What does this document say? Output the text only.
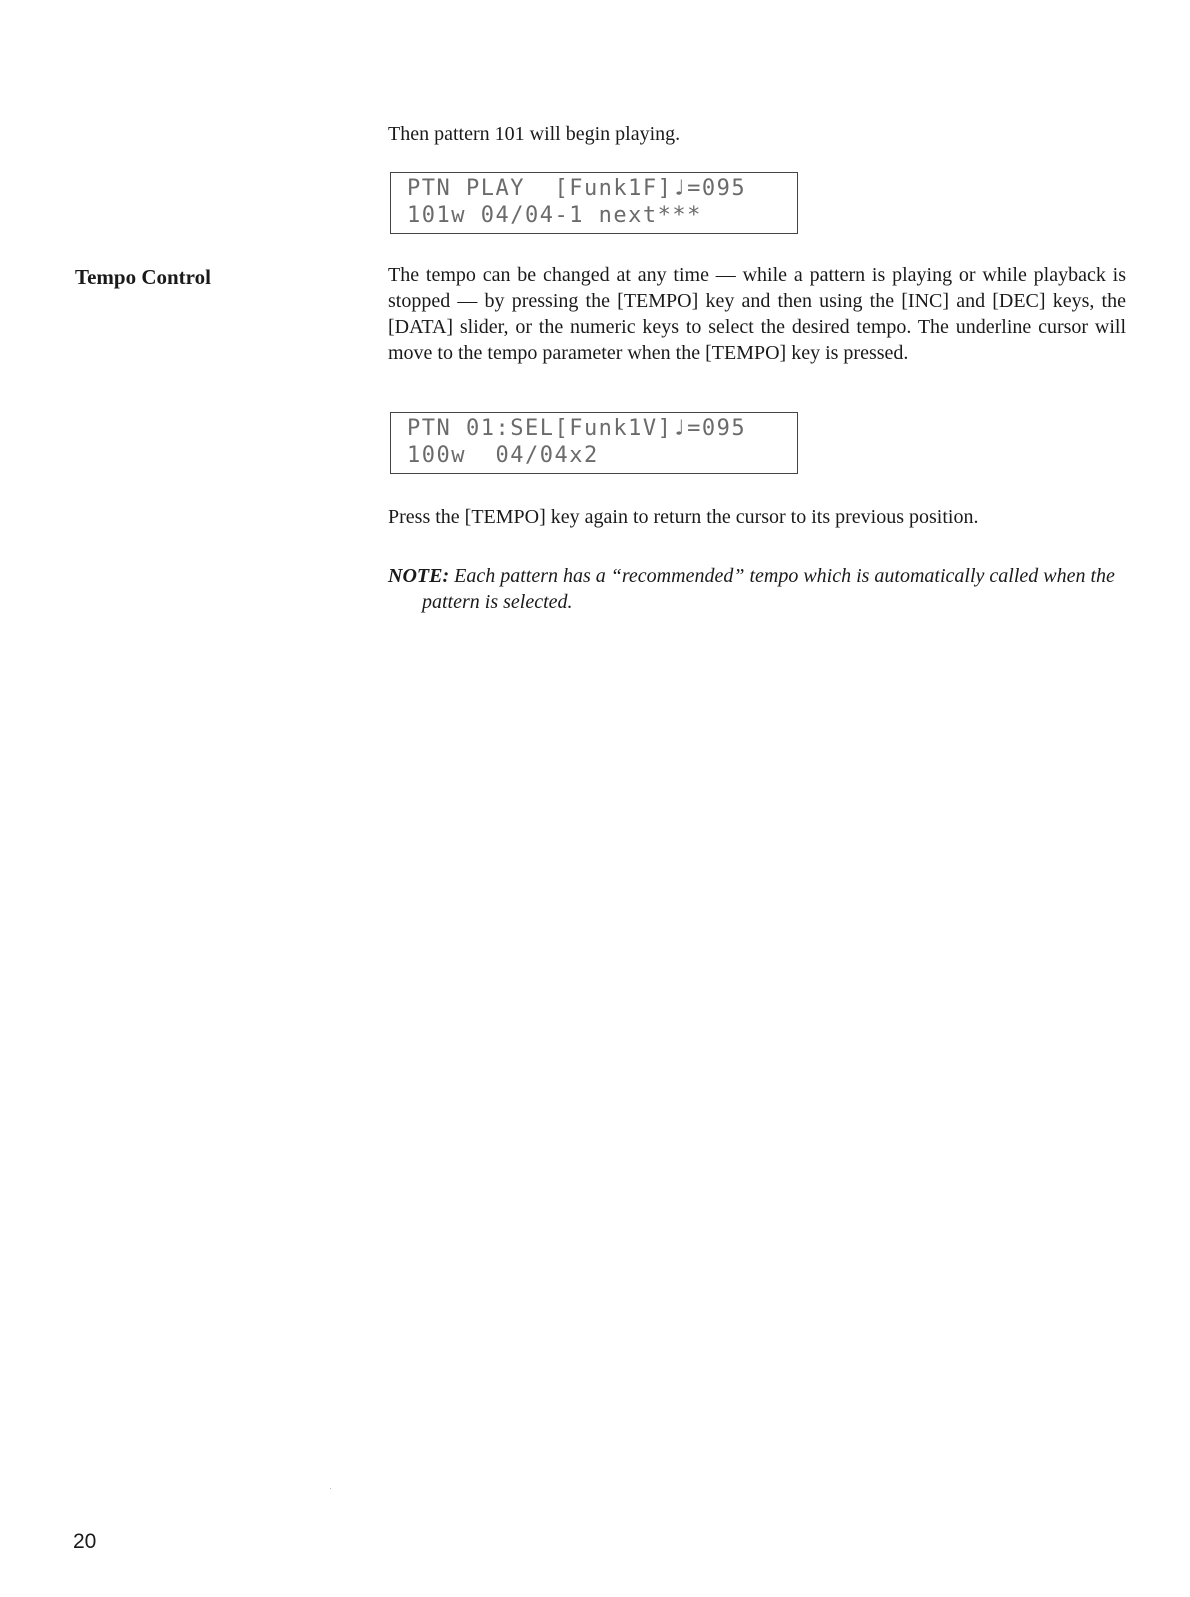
Then pattern 101 will begin playing.

PTN PLAY  [Funk1F]♩=095
101w 04/04-1 next***
Tempo Control	The tempo can be changed at any time — while a pattern is playing or while playback is stopped — by pressing the [TEMPO] key and then using the [INC] and [DEC] keys, the [DATA] slider, or the numeric keys to select the desired tempo. The underline cursor will move to the tempo parameter when the [TEMPO] key is pressed.

PTN 01:SEL[Funk1V]♩=095
100w  04/04x2

Press the [TEMPO] key again to return the cursor to its previous position.

NOTE: Each pattern has a “recommended” tempo which is automatically called when the pattern is selected.

20
